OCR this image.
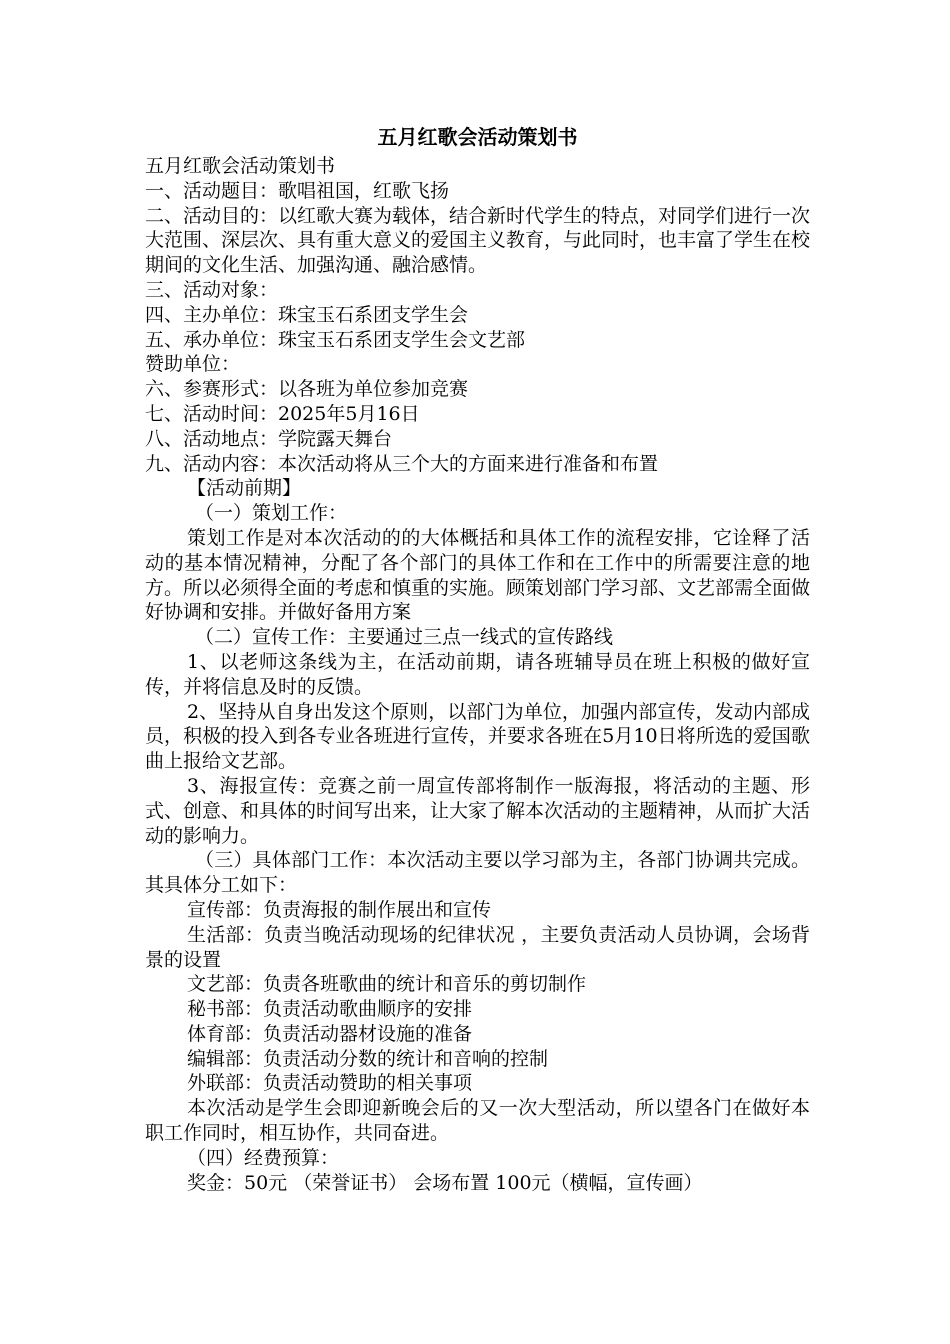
五月红歌会活动策划书

五月红歌会活动策划书

一、活动题目：歌唱祖国，红歌飞扬

二、活动目的：以红歌大赛为载体，结合新时代学生的特点，对同学们进行一次大范围、深层次、具有重大意义的爱国主义教育，与此同时，也丰富了学生在校期间的文化生活、加强沟通、融洽感情。

三、活动对象：

四、主办单位：珠宝玉石系团支学生会

五、承办单位：珠宝玉石系团支学生会文艺部

赞助单位：

六、参赛形式：以各班为单位参加竞赛

七、活动时间：2025年5月16日

八、活动地点：学院露天舞台

九、活动内容：本次活动将从三个大的方面来进行准备和布置

【活动前期】

（一）策划工作：

策划工作是对本次活动的的大体概括和具体工作的流程安排，它诠释了活动的基本情况精神，分配了各个部门的具体工作和在工作中的所需要注意的地方。所以必须得全面的考虑和慎重的实施。顾策划部门学习部、文艺部需全面做好协调和安排。并做好备用方案

（二）宣传工作：主要通过三点一线式的宣传路线

1、以老师这条线为主，在活动前期，请各班辅导员在班上积极的做好宣传，并将信息及时的反馈。

2、坚持从自身出发这个原则，以部门为单位，加强内部宣传，发动内部成员，积极的投入到各专业各班进行宣传，并要求各班在5月10日将所选的爱国歌曲上报给文艺部。

3、海报宣传：竞赛之前一周宣传部将制作一版海报，将活动的主题、形式、创意、和具体的时间写出来，让大家了解本次活动的主题精神，从而扩大活动的影响力。

（三）具体部门工作：本次活动主要以学习部为主，各部门协调共完成。其具体分工如下：

宣传部：负责海报的制作展出和宣传

生活部：负责当晚活动现场的纪律状况 ，主要负责活动人员协调，会场背景的设置

文艺部：负责各班歌曲的统计和音乐的剪切制作

秘书部：负责活动歌曲顺序的安排

体育部：负责活动器材设施的准备

编辑部：负责活动分数的统计和音响的控制

外联部：负责活动赞助的相关事项

本次活动是学生会即迎新晚会后的又一次大型活动，所以望各门在做好本职工作同时，相互协作，共同奋进。

（四）经费预算：

奖金：50元 （荣誉证书） 会场布置 100元（横幅，宣传画）
